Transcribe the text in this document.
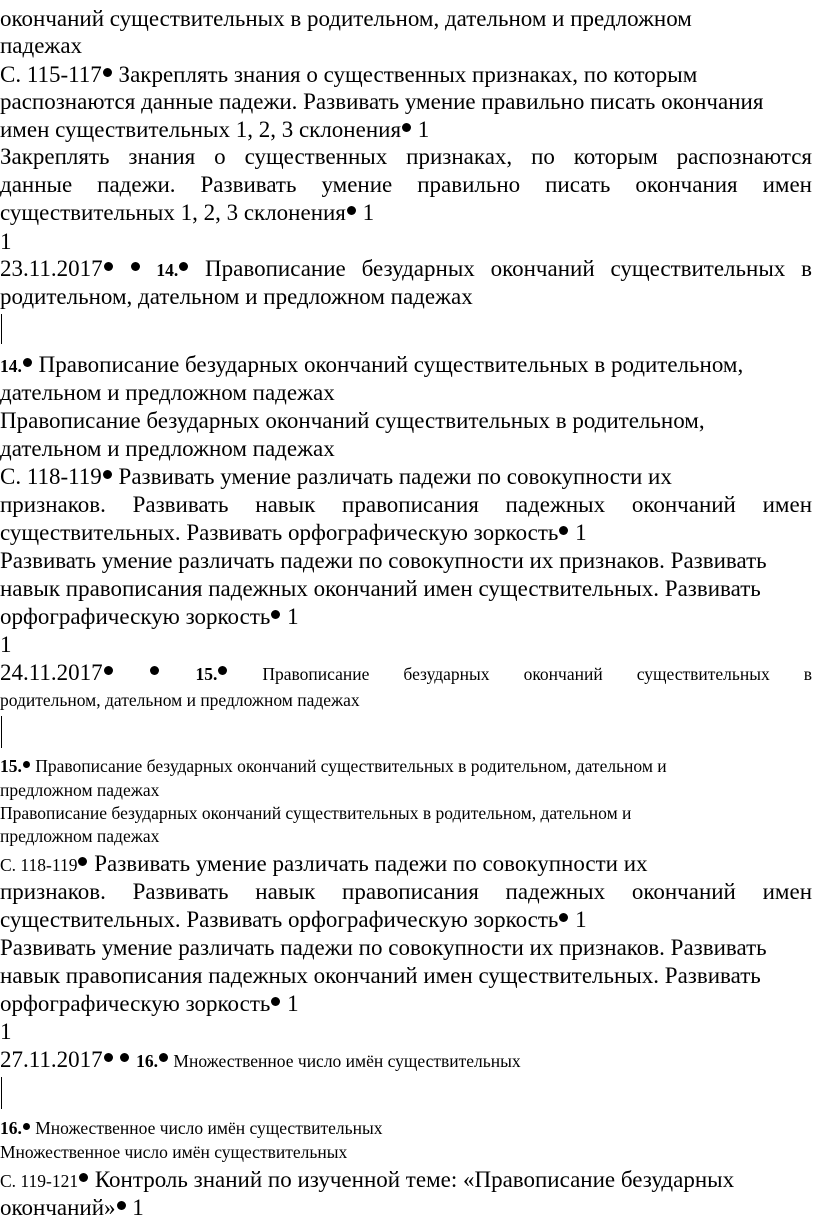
окончаний существительных в родительном, дательном и предложном
падежах
С. 115-117 Закреплять знания о существенных признаках, по которым
распознаются данные падежи. Развивать умение правильно писать окончания
имен существительных 1, 2, 3 склонения 1
Закреплять знания о существенных признаках, по которым распознаются
данные падежи. Развивать умение правильно писать окончания имен
существительных 1, 2, 3 склонения 1
1
23.11.2017	14. Правописание безударных окончаний существительных в
родительном, дательном и предложном падежах
14. Правописание безударных окончаний существительных в родительном,
дательном и предложном падежах
Правописание безударных окончаний существительных в родительном,
дательном и предложном падежах
С. 118-119 Развивать умение различать падежи по совокупности их
признаков. Развивать навык правописания падежных окончаний имен
существительных. Развивать орфографическую зоркость 1
Развивать умение различать падежи по совокупности их признаков. Развивать
навык правописания падежных окончаний имен существительных. Развивать
орфографическую зоркость 1
1
24.11.2017	15. Правописание безударных окончаний существительных в
родительном, дательном и предложном падежах
15. Правописание безударных окончаний существительных в родительном, дательном и
предложном падежах
Правописание безударных окончаний существительных в родительном, дательном и
предложном падежах
С. 118-119 Развивать умение различать падежи по совокупности их
признаков. Развивать навык правописания падежных окончаний имен
существительных. Развивать орфографическую зоркость 1
Развивать умение различать падежи по совокупности их признаков. Развивать
навык правописания падежных окончаний имен существительных. Развивать
орфографическую зоркость 1
1
27.11.2017 16. Множественное число имён существительных
16. Множественное число имён существительных
Множественное число имён существительных
С. 119-121 Контроль знаний по изученной теме: «Правописание безударных
окончаний» 1
